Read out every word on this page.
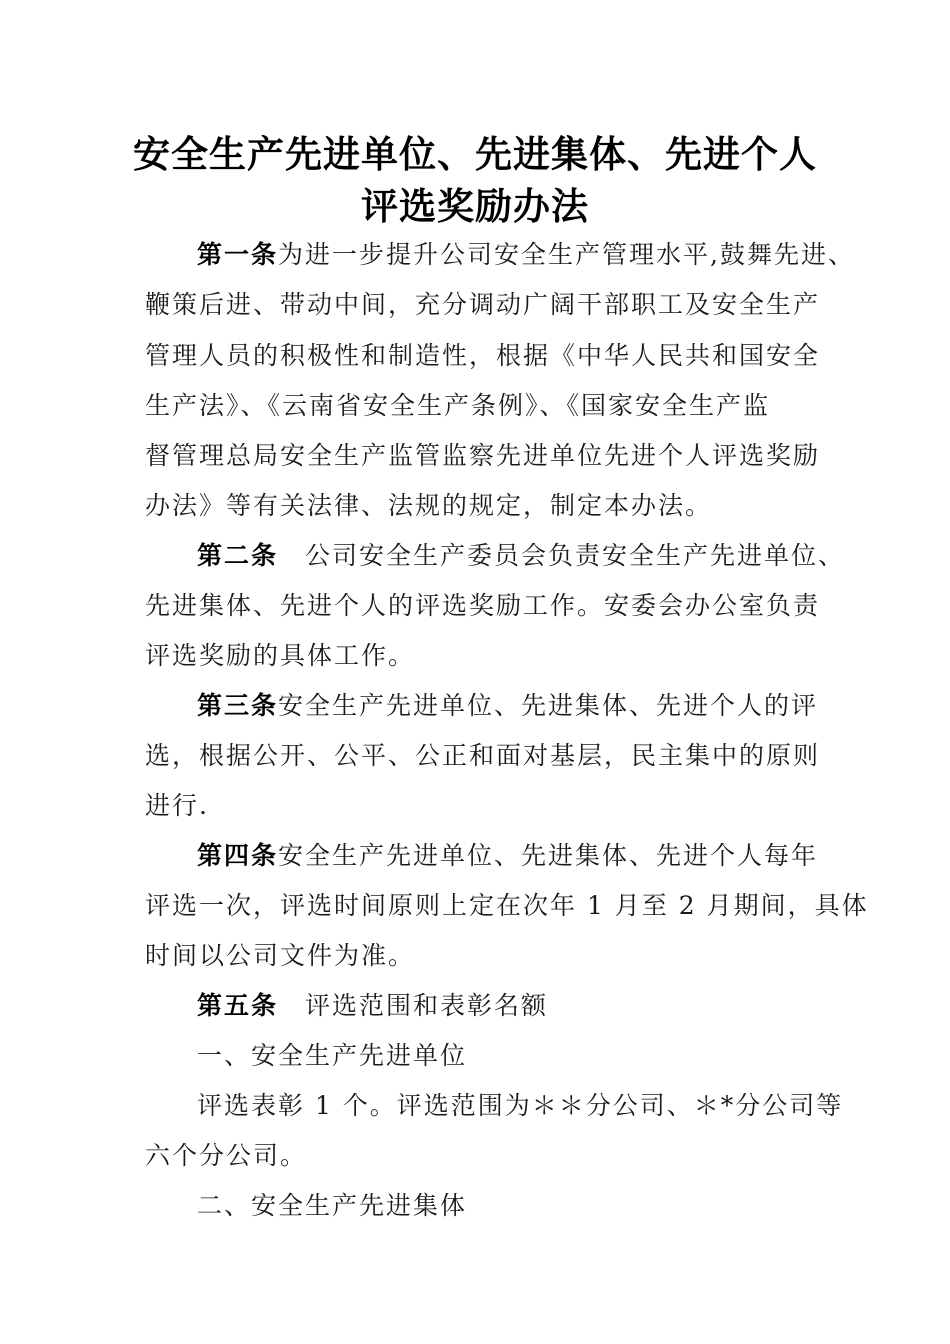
安全生产先进单位、先进集体、先进个人
评选奖励办法
第一条为进一步提升公司安全生产管理水平,鼓舞先进、
鞭策后进、带动中间，充分调动广阔干部职工及安全生产
管理人员的积极性和制造性，根据《中华人民共和国安全
生产法》、《云南省安全生产条例》、《国家安全生产监
督管理总局安全生产监管监察先进单位先进个人评选奖励
办法》等有关法律、法规的规定，制定本办法。
第二条　公司安全生产委员会负责安全生产先进单位、
先进集体、先进个人的评选奖励工作。安委会办公室负责
评选奖励的具体工作。
第三条安全生产先进单位、先进集体、先进个人的评
选，根据公开、公平、公正和面对基层，民主集中的原则
进行.
第四条安全生产先进单位、先进集体、先进个人每年
评选一次，评选时间原则上定在次年 1 月至 2 月期间，具体
时间以公司文件为准。
第五条　评选范围和表彰名额
一、安全生产先进单位
评选表彰 1 个。评选范围为＊＊分公司、＊*分公司等
六个分公司。
二、安全生产先进集体
